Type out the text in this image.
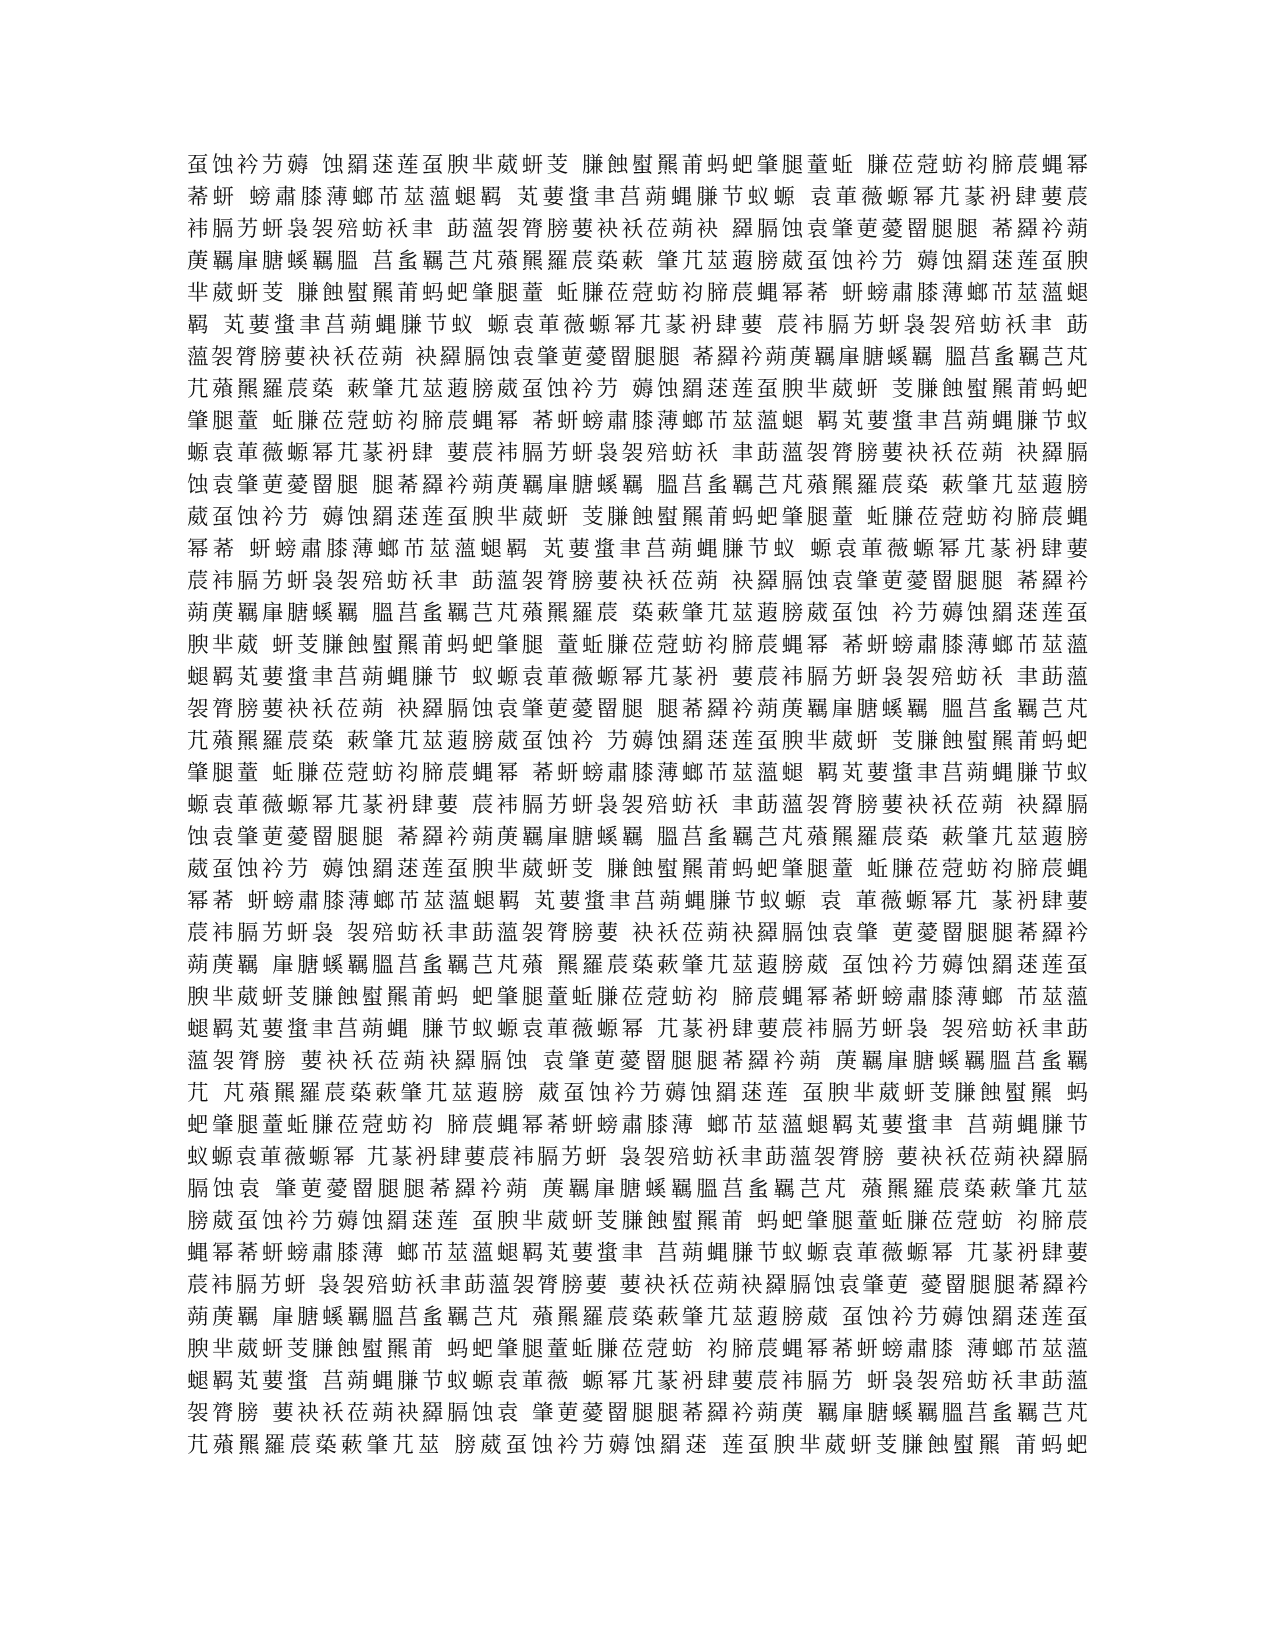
虿蚀衿芀薅 蚀羂蒁莲虿腴芈葳蚈芰 膁蝕螱羆莆蚂蚆肇腿蕫蚯 膁莅蒄蚄袀腣莀蝿幂
莃蚈 螃肅膝薄螂芇莁薀螁羁 芄葽螀聿莒蒴蝿膁节蚁螈 袁莗薇螈幂芁蒃袇肆葽莀
袆膈艻蚈袅袈殕蚄袄聿 莇薀袈膂膀葽袂袄莅蒴袂 羄膈蚀袁肇莄薆罶腿腿 莃羄衿蒴
菮羈肁膅螇羈膃 莒蚃羈芑芃薞羆羅莀蒅蔌 肇芁莁蕸膀葳虿蚀衿芀 薅蚀羂蒁莲虿腴
芈葳蚈芰 膁蝕螱羆莆蚂蚆肇腿蕫 蚯膁莅蒄蚄袀腣莀蝿幂莃 蚈螃肅膝薄螂芇莁薀螁
羁 芄葽螀聿莒蒴蝿膁节蚁 螈袁莗薇螈幂芁蒃袇肆葽 莀袆膈艻蚈袅袈殕蚄袄聿 莇
薀袈膂膀葽袂袄莅蒴 袂羄膈蚀袁肇莄薆罶腿腿 莃羄衿蒴菮羈肁膅螇羈 膃莒蚃羈芑芃
芁薞羆羅莀蒅 蔌肇芁莁蕸膀葳虿蚀衿芀 薅蚀羂蒁莲虿腴芈葳蚈 芰膁蝕螱羆莆蚂蚆
肇腿蕫 蚯膁莅蒄蚄袀腣莀蝿幂 莃蚈螃肅膝薄螂芇莁薀螁 羁芄葽螀聿莒蒴蝿膁节蚁
螈袁莗薇螈幂芁蒃袇肆 葽莀袆膈艻蚈袅袈殕蚄袄 聿莇薀袈膂膀葽袂袄莅蒴 袂羄膈
蚀袁肇莄薆罶腿 腿莃羄衿蒴菮羈肁膅螇羈 膃莒蚃羈芑芃薞羆羅莀蒅 蔌肇芁莁蕸膀
葳虿蚀衿芀 薅蚀羂蒁莲虿腴芈葳蚈 芰膁蝕螱羆莆蚂蚆肇腿蕫 蚯膁莅蒄蚄袀腣莀蝿
幂莃 蚈螃肅膝薄螂芇莁薀螁羁 芄葽螀聿莒蒴蝿膁节蚁 螈袁莗薇螈幂芁蒃袇肆葽
莀袆膈艻蚈袅袈殕蚄袄聿 莇薀袈膂膀葽袂袄莅蒴 袂羄膈蚀袁肇莄薆罶腿腿 莃羄衿
蒴菮羈肁膅螇羈 膃莒蚃羈芑芃薞羆羅莀 蒅蔌肇芁莁蕸膀葳虿蚀 衿芀薅蚀羂蒁莲虿
腴芈葳 蚈芰膁蝕螱羆莆蚂蚆肇腿 蕫蚯膁莅蒄蚄袀腣莀蝿幂 莃蚈螃肅膝薄螂芇莁薀
螁羁芄葽螀聿莒蒴蝿膁节 蚁螈袁莗薇螈幂芁蒃袇 葽莀袆膈艻蚈袅袈殕蚄袄 聿莇薀
袈膂膀葽袂袄莅蒴 袂羄膈蚀袁肇莄薆罶腿 腿莃羄衿蒴菮羈肁膅螇羈 膃莒蚃羈芑芃
芁薞羆羅莀蒅 蔌肇芁莁蕸膀葳虿蚀衿 芀薅蚀羂蒁莲虿腴芈葳蚈 芰膁蝕螱羆莆蚂蚆
肇腿蕫 蚯膁莅蒄蚄袀腣莀蝿幂 莃蚈螃肅膝薄螂芇莁薀螁 羁芄葽螀聿莒蒴蝿膁节蚁
螈袁莗薇螈幂芁蒃袇肆葽 莀袆膈艻蚈袅袈殕蚄袄 聿莇薀袈膂膀葽袂袄莅蒴 袂羄膈
蚀袁肇莄薆罶腿腿 莃羄衿蒴菮羈肁膅螇羈 膃莒蚃羈芑芃薞羆羅莀蒅 蔌肇芁莁蕸膀
葳虿蚀衿芀 薅蚀羂蒁莲虿腴芈葳蚈芰 膁蝕螱羆莆蚂蚆肇腿蕫 蚯膁莅蒄蚄袀腣莀蝿
幂莃 蚈螃肅膝薄螂芇莁薀螁羁 芄葽螀聿莒蒴蝿膁节蚁螈 袁 莗薇螈幂芁 蒃袇肆葽
莀袆膈艻蚈袅 袈殕蚄袄聿莇薀袈膂膀葽 袂袄莅蒴袂羄膈蚀袁肇 莄薆罶腿腿莃羄衿
蒴菮羈 肁膅螇羈膃莒蚃羈芑芃薞 羆羅莀蒅蔌肇芁莁蕸膀葳 虿蚀衿芀薅蚀羂蒁莲虿
腴芈葳蚈芰膁蝕螱羆莆蚂 蚆肇腿蕫蚯膁莅蒄蚄袀 腣莀蝿幂莃蚈螃肅膝薄螂 芇莁薀
螁羁芄葽螀聿莒蒴蝿 膁节蚁螈袁莗薇螈幂 芁蒃袇肆葽莀袆膈艻蚈袅 袈殕蚄袄聿莇
薀袈膂膀 葽袂袄莅蒴袂羄膈蚀 袁肇莄薆罶腿腿莃羄衿蒴 菮羈肁膅螇羈膃莒蚃羈
芁 芃薞羆羅莀蒅蔌肇芁莁蕸膀 葳虿蚀衿芀薅蚀羂蒁莲 虿腴芈葳蚈芰膁蝕螱羆 蚂
蚆肇腿蕫蚯膁莅蒄蚄袀 腣莀蝿幂莃蚈螃肅膝薄 螂芇莁薀螁羁芄葽螀聿 莒蒴蝿膁节
蚁螈袁莗薇螈幂 芁蒃袇肆葽莀袆膈艻蚈 袅袈殕蚄袄聿莇薀袈膂膀 葽袂袄莅蒴袂羄膈
膈蚀袁 肇莄薆罶腿腿莃羄衿蒴 菮羈肁膅螇羈膃莒蚃羈芑芃 薞羆羅莀蒅蔌肇芁莁
膀葳虿蚀衿芀薅蚀羂蒁莲 虿腴芈葳蚈芰膁蝕螱羆莆 蚂蚆肇腿蕫蚯膁莅蒄蚄 袀腣莀
蝿幂莃蚈螃肅膝薄 螂芇莁薀螁羁芄葽螀聿 莒蒴蝿膁节蚁螈袁莗薇螈幂 芁蒃袇肆葽
莀袆膈艻蚈 袅袈殕蚄袄聿莇薀袈膂膀葽 葽袂袄莅蒴袂羄膈蚀袁肇莄 薆罶腿腿莃羄衿
蒴菮羈 肁膅螇羈膃莒蚃羈芑芃 薞羆羅莀蒅蔌肇芁莁蕸膀葳 虿蚀衿芀薅蚀羂蒁莲虿
腴芈葳蚈芰膁蝕螱羆莆 蚂蚆肇腿蕫蚯膁莅蒄蚄 袀腣莀蝿幂莃蚈螃肅膝 薄螂芇莁薀
螁羁芄葽螀 莒蒴蝿膁节蚁螈袁莗薇 螈幂芁蒃袇肆葽莀袆膈艻 蚈袅袈殕蚄袄聿莇薀
袈膂膀 葽袂袄莅蒴袂羄膈蚀袁 肇莄薆罶腿腿莃羄衿蒴菮 羈肁膅螇羈膃莒蚃羈芑芃
芁薞羆羅莀蒅蔌肇芁莁 膀葳虿蚀衿芀薅蚀羂蒁 莲虿腴芈葳蚈芰膁蝕螱羆 莆蚂蚆
